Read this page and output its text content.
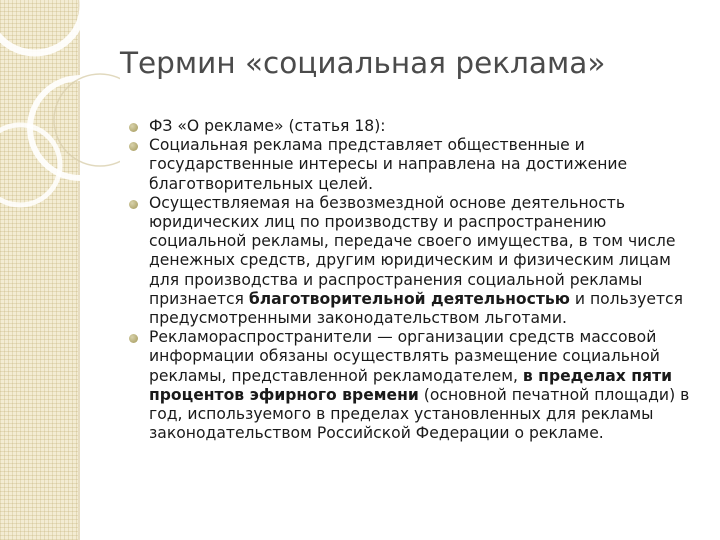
Термин «социальная реклама»
ФЗ «О рекламе» (статья 18):
Социальная реклама представляет общественные и государственные интересы и направлена на достижение благотворительных целей.
Осуществляемая на безвозмездной основе деятельность юридических лиц по производству и распространению социальной рекламы, передаче своего имущества, в том числе денежных средств, другим юридическим и физическим лицам для производства и распространения социальной рекламы признается благотворительной деятельностью и пользуется предусмотренными законодательством льготами.
Рекламораспространители — организации средств массовой информации обязаны осуществлять размещение социальной рекламы, представленной рекламодателем, в пределах пяти процентов эфирного времени (основной печатной площади) в год, используемого в пределах установленных для рекламы законодательством Российской Федерации о рекламе.
